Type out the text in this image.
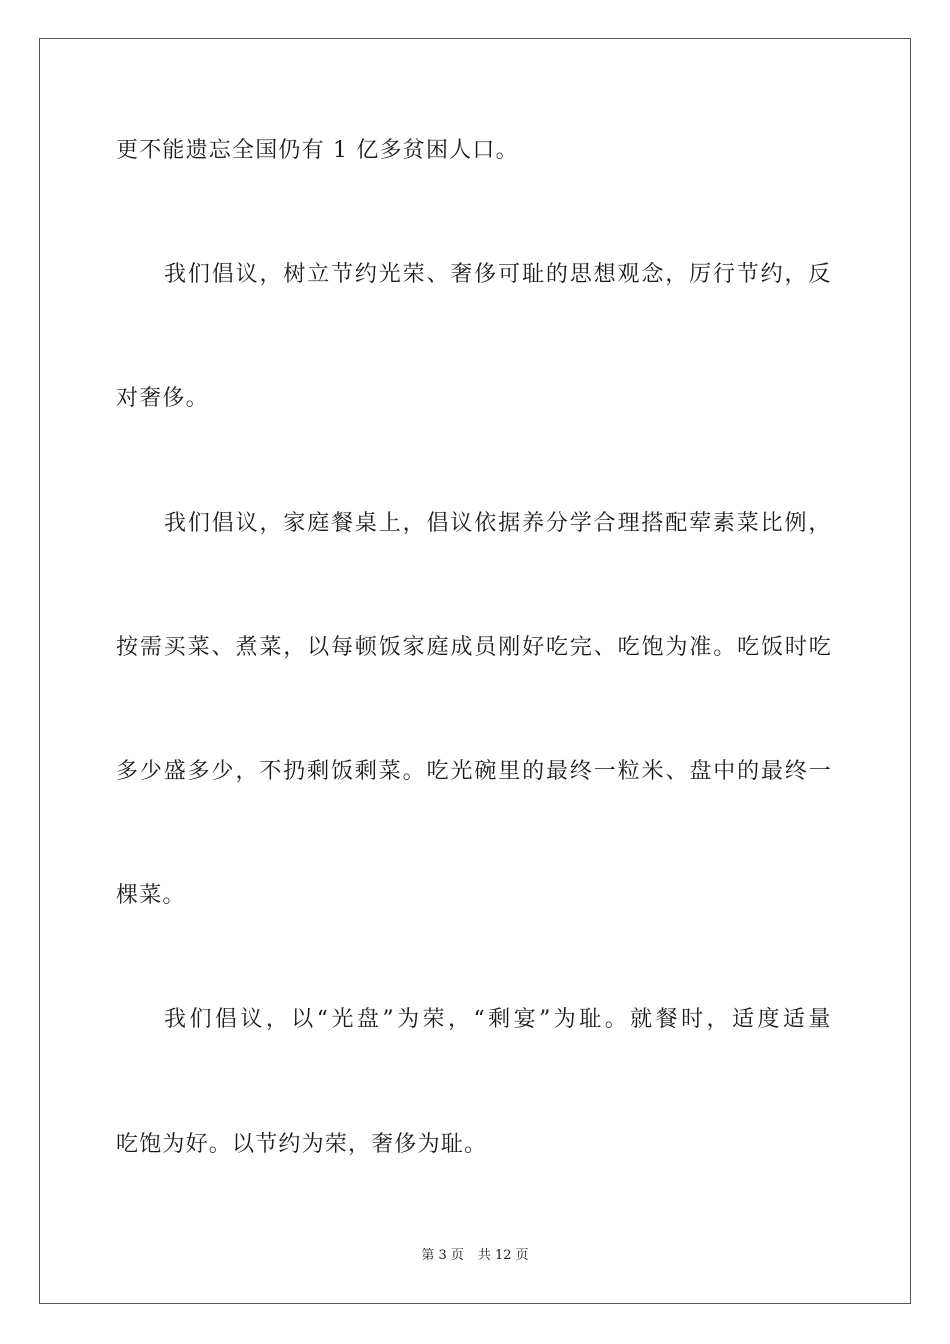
更不能遗忘全国仍有 1 亿多贫困人口。
我们倡议，树立节约光荣、奢侈可耻的思想观念，厉行节约，反
对奢侈。
我们倡议，家庭餐桌上，倡议依据养分学合理搭配荤素菜比例，
按需买菜、煮菜，以每顿饭家庭成员刚好吃完、吃饱为准。吃饭时吃
多少盛多少，不扔剩饭剩菜。吃光碗里的最终一粒米、盘中的最终一
棵菜。
我们倡议，以“光盘”为荣，“剩宴”为耻。就餐时，适度适量
吃饱为好。以节约为荣，奢侈为耻。
第 3 页 共 12 页
